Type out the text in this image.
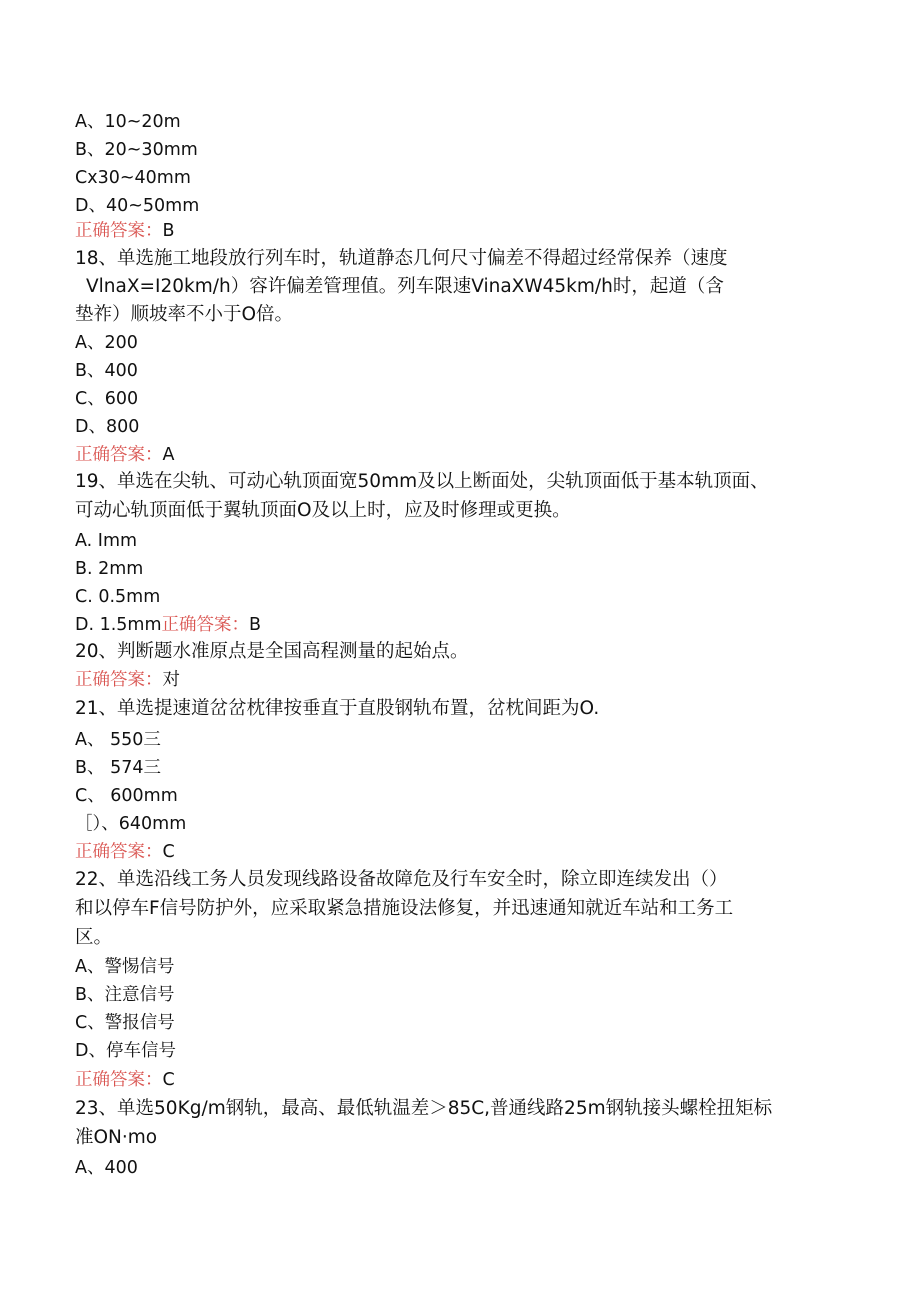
A、10~20m
B、20~30mm
Cx30~40mm
D、40~50mm
正确答案：B
18、单选施工地段放行列车时，轨道静态几何尺寸偏差不得超过经常保养（速度
VlnaX=I20km/h）容许偏差管理值。列车限速VinaXW45km/h时，起道（含
垫祚）顺坡率不小于O倍。
A、200
B、400
C、600
D、800
正确答案：A
19、单选在尖轨、可动心轨顶面宽50mm及以上断面处，尖轨顶面低于基本轨顶面、
可动心轨顶面低于翼轨顶面O及以上时，应及时修理或更换。
A. Imm
B. 2mm
C. 0.5mm
D. 1.5mm正确答案：B
20、判断题水准原点是全国高程测量的起始点。
正确答案：对
21、单选提速道岔岔枕律按垂直于直股钢轨布置，岔枕间距为O.
A、 550三
B、 574三
C、 600mm
［）、640mm
正确答案：C
22、单选沿线工务人员发现线路设备故障危及行车安全时，除立即连续发出（）
和以停车F信号防护外，应采取紧急措施设法修复，并迅速通知就近车站和工务工
区。
A、警惕信号
B、注意信号
C、警报信号
D、停车信号
正确答案：C
23、单选50Kg/m钢轨，最高、最低轨温差＞85C,普通线路25m钢轨接头螺栓扭矩标
准ON·mo
A、400
